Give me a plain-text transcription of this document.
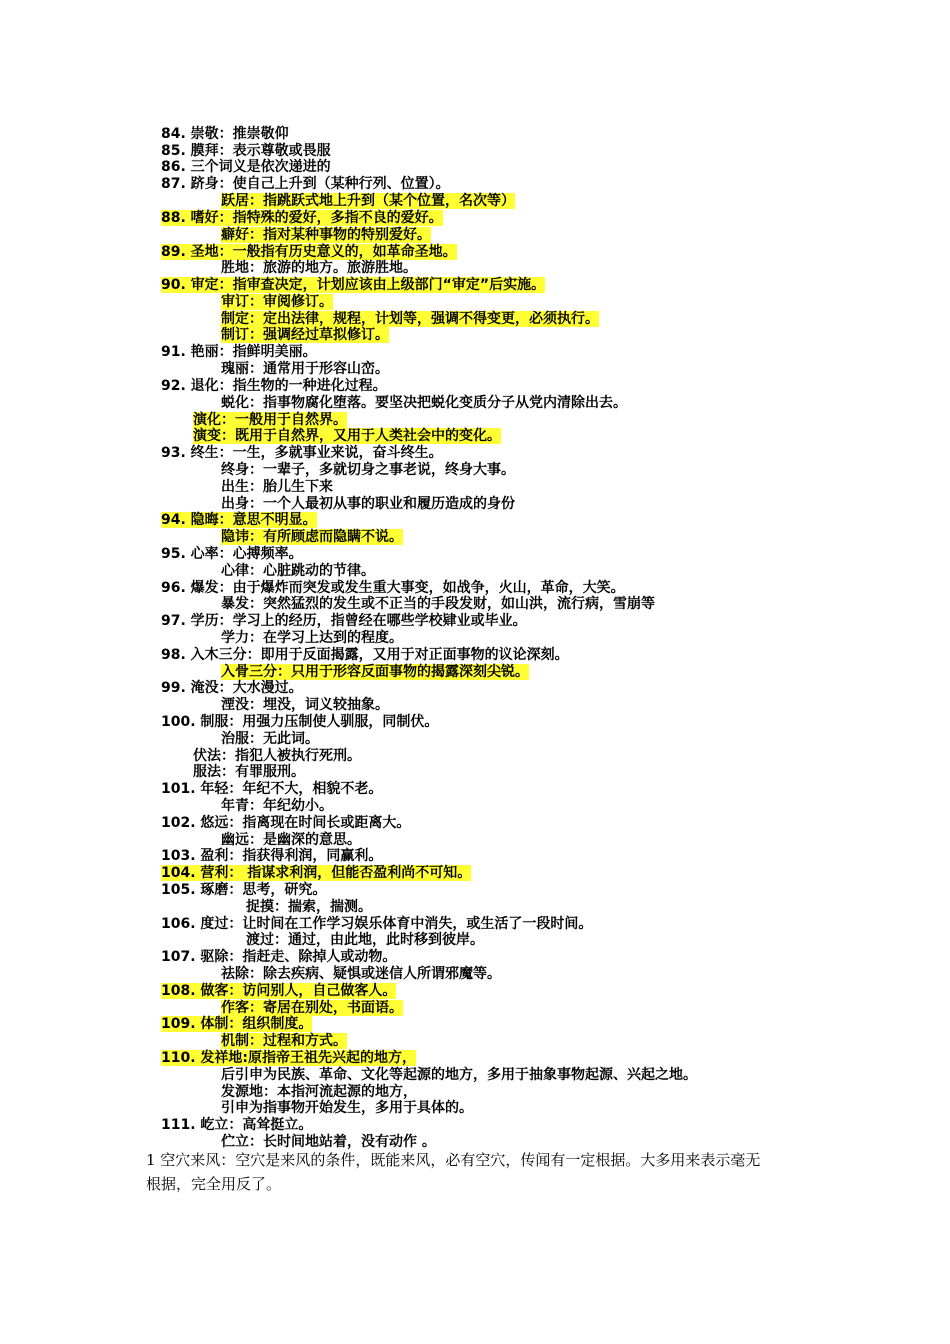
84. 崇敬：推崇敬仰
85. 膜拜：表示尊敬或畏服
86. 三个词义是依次递进的
87. 跻身：使自己上升到（某种行列、位置）。
跃居：指跳跃式地上升到（某个位置，名次等）
88. 嗜好：指特殊的爱好，多指不良的爱好。
癖好：指对某种事物的特别爱好。
89. 圣地：一般指有历史意义的，如革命圣地。
胜地：旅游的地方。旅游胜地。
90. 审定：指审查决定，计划应该由上级部门“审定”后实施。
审订：审阅修订。
制定：定出法律，规程，计划等，强调不得变更，必须执行。
制订：强调经过草拟修订。
91. 艳丽：指鲜明美丽。
瑰丽：通常用于形容山峦。
92. 退化：指生物的一种进化过程。
蜕化：指事物腐化堕落。要坚决把蜕化变质分子从党内清除出去。
演化：一般用于自然界。
演变：既用于自然界，又用于人类社会中的变化。
93. 终生：一生，多就事业来说，奋斗终生。
终身：一辈子，多就切身之事老说，终身大事。
出生：胎儿生下来
出身：一个人最初从事的职业和履历造成的身份
94. 隐晦：意思不明显。
隐讳：有所顾虑而隐瞒不说。
95. 心率：心搏频率。
心律：心脏跳动的节律。
96. 爆发：由于爆炸而突发或发生重大事变，如战争，火山，革命，大笑。
暴发：突然猛烈的发生或不正当的手段发财，如山洪，流行病，雪崩等
97. 学历：学习上的经历，指曾经在哪些学校肄业或毕业。
学力：在学习上达到的程度。
98. 入木三分：即用于反面揭露，又用于对正面事物的议论深刻。
入骨三分：只用于形容反面事物的揭露深刻尖锐。
99. 淹没：大水漫过。
湮没：埋没，词义较抽象。
100. 制服：用强力压制使人驯服，同制伏。
治服：无此词。
伏法：指犯人被执行死刑。
服法：有罪服刑。
101. 年轻：年纪不大，相貌不老。
年青：年纪幼小。
102. 悠远：指离现在时间长或距离大。
幽远：是幽深的意思。
103. 盈利：指获得利润，同赢利。
104. 营利： 指谋求利润，但能否盈利尚不可知。
105. 琢磨：思考，研究。
捉摸：揣索，揣测。
106. 度过：让时间在工作学习娱乐体育中消失，或生活了一段时间。
渡过：通过，由此地，此时移到彼岸。
107. 驱除：指赶走、除掉人或动物。
祛除：除去疾病、疑惧或迷信人所谓邪魔等。
108. 做客：访问别人，自己做客人。
作客：寄居在别处，书面语。
109. 体制：组织制度。
机制：过程和方式。
110. 发祥地:原指帝王祖先兴起的地方，
后引申为民族、革命、文化等起源的地方，多用于抽象事物起源、兴起之地。
发源地：本指河流起源的地方，
引申为指事物开始发生，多用于具体的。
111. 屹立：高耸挺立。
伫立：长时间地站着，没有动作 。
1 空穴来风：空穴是来风的条件，既能来风，必有空穴，传闻有一定根据。大多用来表示毫无
根据，完全用反了。
